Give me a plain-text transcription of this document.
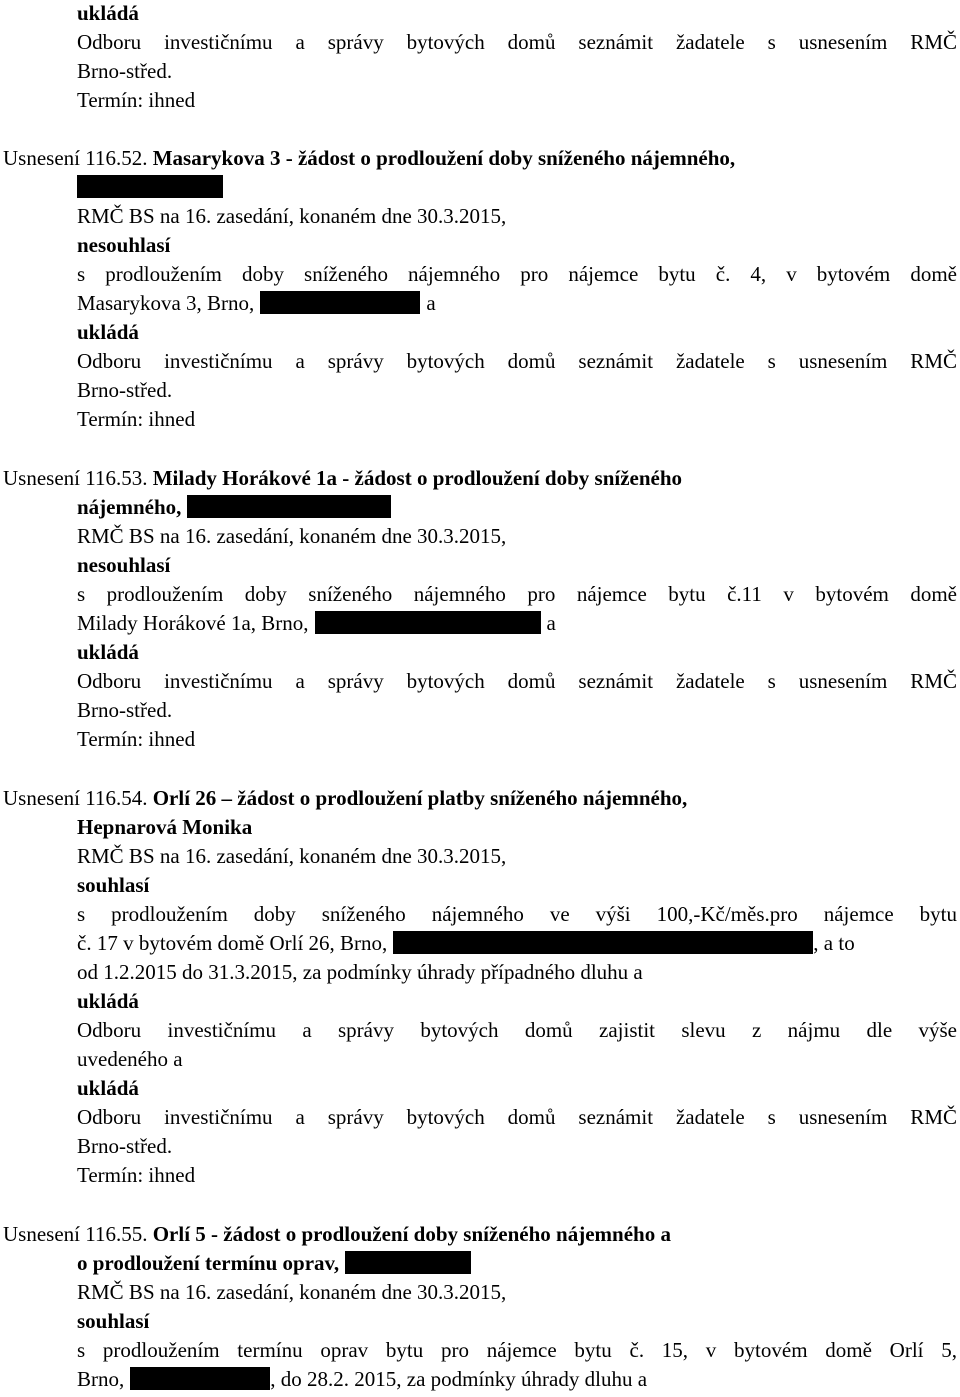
ukládá
Odboru investičnímu a správy bytových domů seznámit žadatele s usnesením RMČ
Brno-střed.
Termín: ihned
Usnesení 116.52. Masarykova 3 - žádost o prodloužení doby sníženého nájemného,
RMČ BS na 16. zasedání, konaném dne 30.3.2015,
nesouhlasí
s prodloužením doby sníženého nájemného pro nájemce bytu č. 4, v bytovém domě
Masarykova 3, Brno,	a
ukládá
Odboru investičnímu a správy bytových domů seznámit žadatele s usnesením RMČ
Brno-střed.
Termín: ihned
Usnesení 116.53. Milady Horákové 1a - žádost o prodloužení doby sníženého
nájemného,
RMČ BS na 16. zasedání, konaném dne 30.3.2015,
nesouhlasí
s prodloužením doby sníženého nájemného pro nájemce bytu č.11 v bytovém domě
Milady Horákové 1a, Brno,	a
ukládá
Odboru investičnímu a správy bytových domů seznámit žadatele s usnesením RMČ
Brno-střed.
Termín: ihned
Usnesení 116.54. Orlí 26 – žádost o prodloužení platby sníženého nájemného,
Hepnarová Monika
RMČ BS na 16. zasedání, konaném dne 30.3.2015,
souhlasí
s prodloužením doby sníženého nájemného ve výši 100,-Kč/měs.pro nájemce bytu
č. 17 v bytovém domě Orlí 26, Brno,	, a to
od 1.2.2015 do 31.3.2015, za podmínky úhrady případného dluhu a
ukládá
Odboru investičnímu a správy bytových domů zajistit slevu z nájmu dle výše
uvedeného a
ukládá
Odboru investičnímu a správy bytových domů seznámit žadatele s usnesením RMČ
Brno-střed.
Termín: ihned
Usnesení 116.55. Orlí 5 - žádost o prodloužení doby sníženého nájemného a
o prodloužení termínu oprav,
RMČ BS na 16. zasedání, konaném dne 30.3.2015,
souhlasí
s prodloužením termínu oprav bytu pro nájemce bytu č. 15, v bytovém domě Orlí 5,
Brno,	, do 28.2. 2015, za podmínky úhrady dluhu a
